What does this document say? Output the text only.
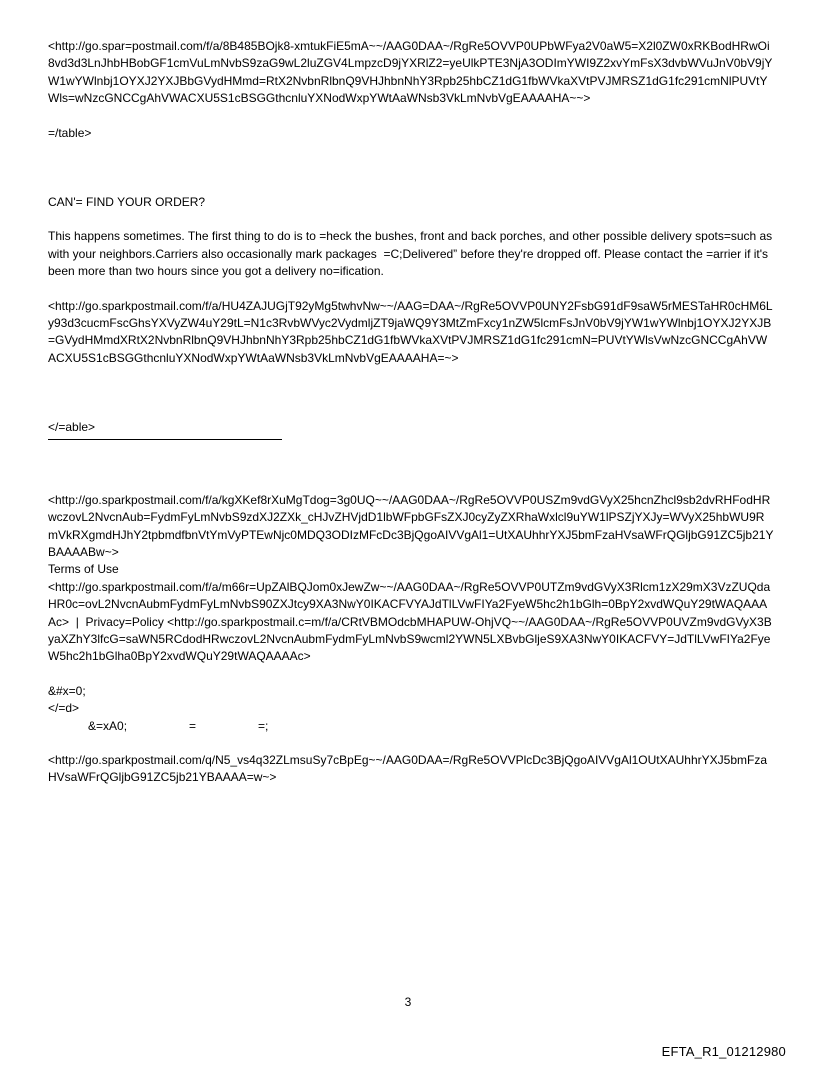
<http://go.spar=postmail.com/f/a/8B485BOjk8-xmtukFiE5mA~~/AAG0DAA~/RgRe5OVVP0UPbWFya2V0aW5=X2l0ZW0xRKBodHRwOi8vd3d3LnJhbHBobGF1cmVuLmNvbS9zaG9wL2luZGV4LmpzcD9jYXRlZ2=yeUlkPTE3NjA3ODImYWI9Z2xvYmFsX3dvbWVuJnV0bV9jYW1wYWlnbj1OYXJ2YXJBbGVydHMmd=RtX2NvbnRlbnQ9VHJhbnNhY3Rpb25hbCZ1dG1fbWVkaXVtPVJMRSZ1dG1fc291cmNlPUVtYWls=wNzcGNCCgAhVWACXU5S1cBSGGthcnluYXNodWxpYWtAaWNsb3VkLmNvbVgEAAAAHA~~>

=/table>

CAN'= FIND YOUR ORDER?

This happens sometimes. The first thing to do is to =heck the bushes, front and back porches, and other possible delivery spots=such as with your neighbors.Carriers also occasionally mark packages  =C;Delivered” before they're dropped off. Please contact the =arrier if it's been more than two hours since you got a delivery no=ification.

<http://go.sparkpostmail.com/f/a/HU4ZAJUGjT92yMg5twhvNw~~/AAG=DAA~/RgRe5OVVP0UNY2FsbG91dF9saW5rMESTaHR0cHM6Ly93d3cucmFscGhsYXVyZW4uY29tL=N1c3RvbWVyc2VydmljZT9jaWQ9Y3MtZmFxcy1nZW5lcmFsJnV0bV9jYW1wYWlnbj1OYXJ2YXJB=GVydHMmdXRtX2NvbnRlbnQ9VHJhbnNhY3Rpb25hbCZ1dG1fbWVkaXVtPVJMRSZ1dG1fc291cmN=PUVtYWlsVwNzcGNCCgAhVWACXU5S1cBSGGthcnluYXNodWxpYWtAaWNsb3VkLmNvbVgEAAAAHA=~>

</=able>

<http://go.sparkpostmail.com/f/a/kgXKef8rXuMgTdog=3g0UQ~~/AAG0DAA~/RgRe5OVVP0USZm9vdGVyX25hcnZhcl9sb2dvRHFodHRwczovL2NvcnAub=FydmFyLmNvbS9zdXJ2ZXk_cHJvZHVjdD1lbWFpbGFsZXJ0cyZyZXRhaWxlcl9uYW1lPSZjYXJy=WVyX25hbWU9RmVkRXgmdHJhY2tpbmdfbnVtYmVyPTEwNjc0MDQ3ODIzMFcDc3BjQgoAIVVgAl1=UtXAUhhrYXJ5bmFzaHVsaWFrQGljbG91ZC5jb21YBAAAABw~>

Terms of Use

<http://go.sparkpostmail.com/f/a/m66r=UpZAlBQJom0xJewZw~~/AAG0DAA~/RgRe5OVVP0UTZm9vdGVyX3Rlcm1zX29mX3VzZUQdaHR0c=ovL2NvcnAubmFydmFyLmNvbS90ZXJtcy9XA3NwY0IKACFVYAJdTlLVwFIYa2FyeW5hc2h1bGlh=0BpY2xvdWQuY29tWAQAAAAc> | Privacy=Policy <http://go.sparkpostmail.c=m/f/a/CRtVBMOdcbMHAPUW-OhjVQ~~/AAG0DAA~/RgRe5OVVP0UVZm9vdGVyX3ByaXZhY3lfcG=saWN5RCdodHRwczovL2NvcnAubmFydmFyLmNvbS9wcml2YWN5LXBvbGljeS9XA3NwY0IKACFVY=JdTlLVwFIYa2FyeW5hc2h1bGlha0BpY2xvdWQuY29tWAQAAAAc>

&#x=0;

</=d>

&=xA0;	=	=;

<http://go.sparkpostmail.com/q/N5_vs4q32ZLmsuSy7cBpEg~~/AAG0DAA=/RgRe5OVVPlcDc3BjQgoAIVVgAl1OUtXAUhhrYXJ5bmFzaHVsaWFrQGljbG91ZC5jb21YBAAAA=w~>

3
EFTA_R1_01212980
